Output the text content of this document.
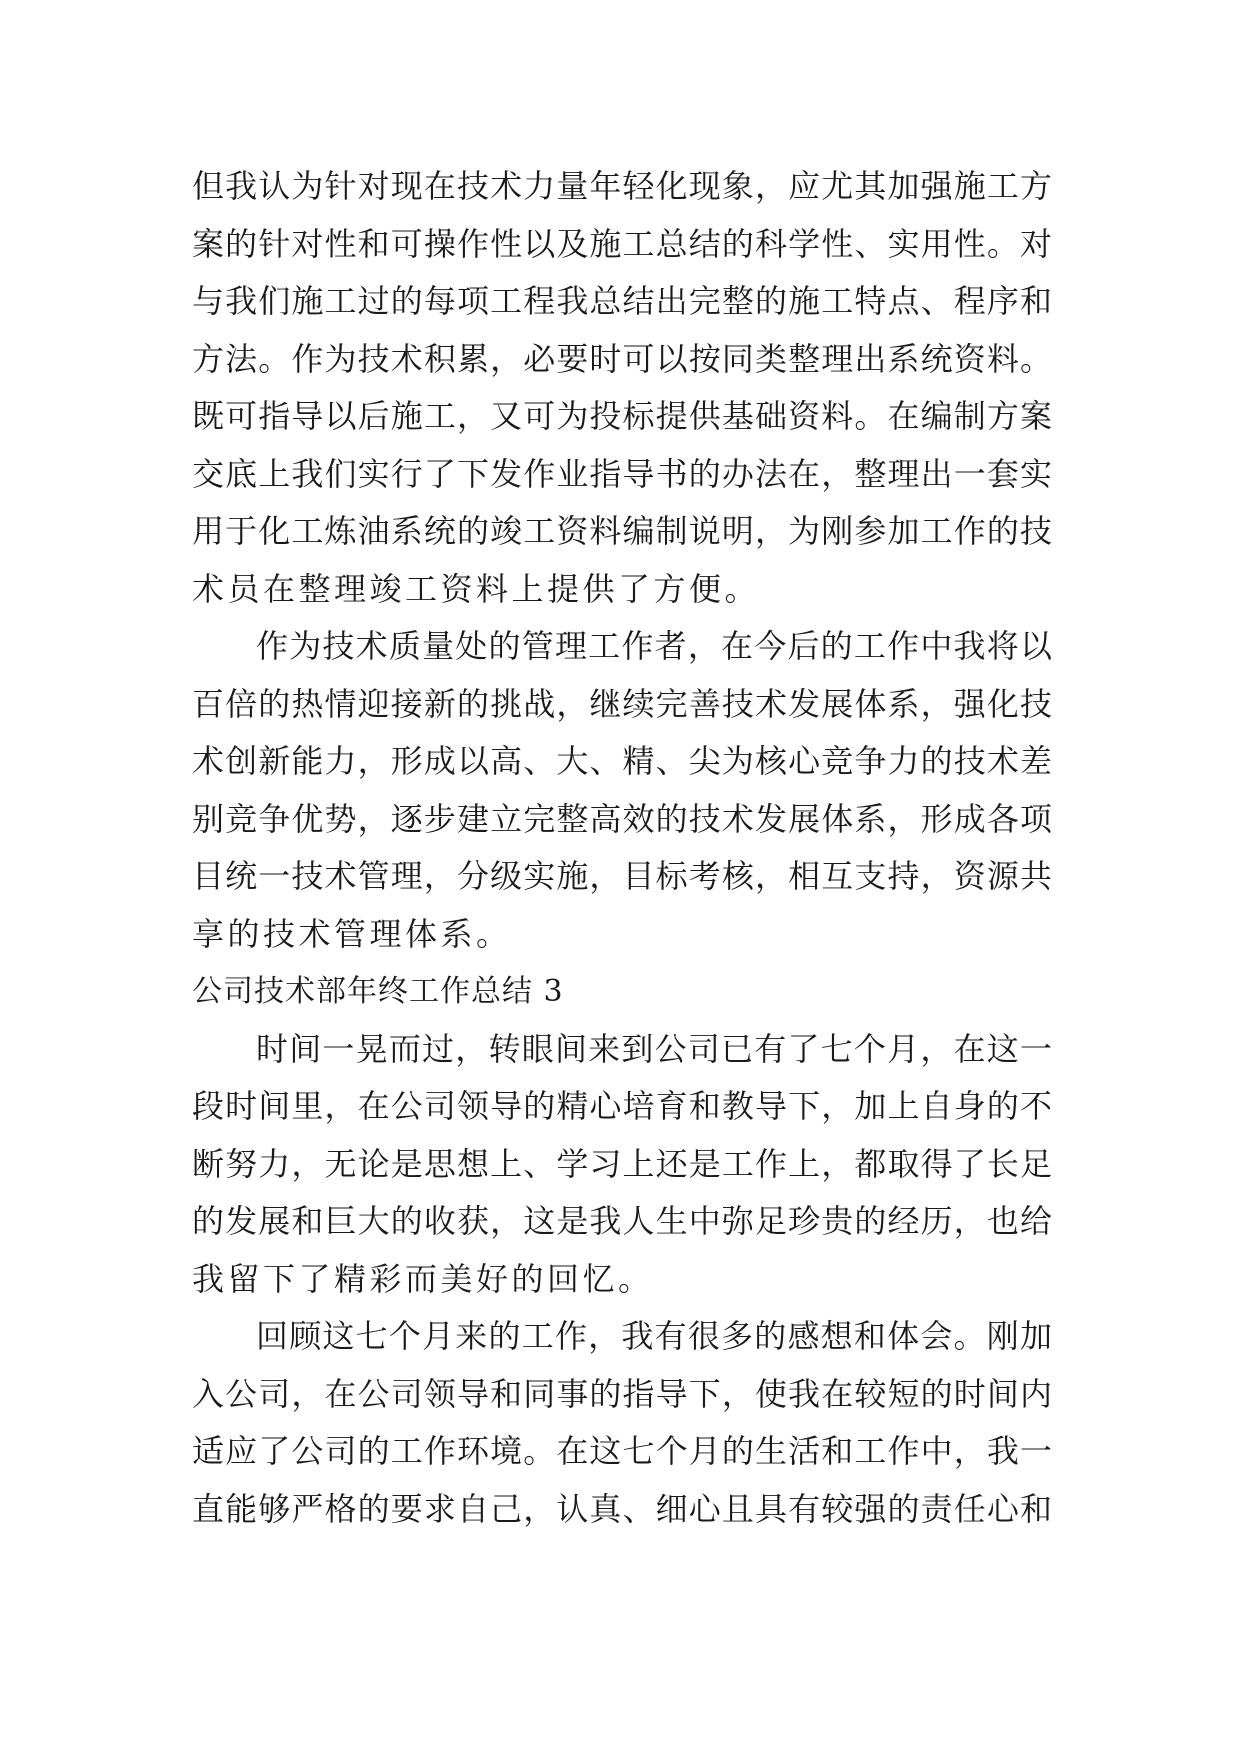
但我认为针对现在技术力量年轻化现象，应尤其加强施工方
案的针对性和可操作性以及施工总结的科学性、实用性。对
与我们施工过的每项工程我总结出完整的施工特点、程序和
方法。作为技术积累，必要时可以按同类整理出系统资料。
既可指导以后施工，又可为投标提供基础资料。在编制方案
交底上我们实行了下发作业指导书的办法在，整理出一套实
用于化工炼油系统的竣工资料编制说明，为刚参加工作的技
术员在整理竣工资料上提供了方便。
作为技术质量处的管理工作者，在今后的工作中我将以
百倍的热情迎接新的挑战，继续完善技术发展体系，强化技
术创新能力，形成以高、大、精、尖为核心竞争力的技术差
别竞争优势，逐步建立完整高效的技术发展体系，形成各项
目统一技术管理，分级实施，目标考核，相互支持，资源共
享的技术管理体系。
公司技术部年终工作总结 3
时间一晃而过，转眼间来到公司已有了七个月，在这一
段时间里，在公司领导的精心培育和教导下，加上自身的不
断努力，无论是思想上、学习上还是工作上，都取得了长足
的发展和巨大的收获，这是我人生中弥足珍贵的经历，也给
我留下了精彩而美好的回忆。
回顾这七个月来的工作，我有很多的感想和体会。刚加
入公司，在公司领导和同事的指导下，使我在较短的时间内
适应了公司的工作环境。在这七个月的生活和工作中，我一
直能够严格的要求自己，认真、细心且具有较强的责任心和
